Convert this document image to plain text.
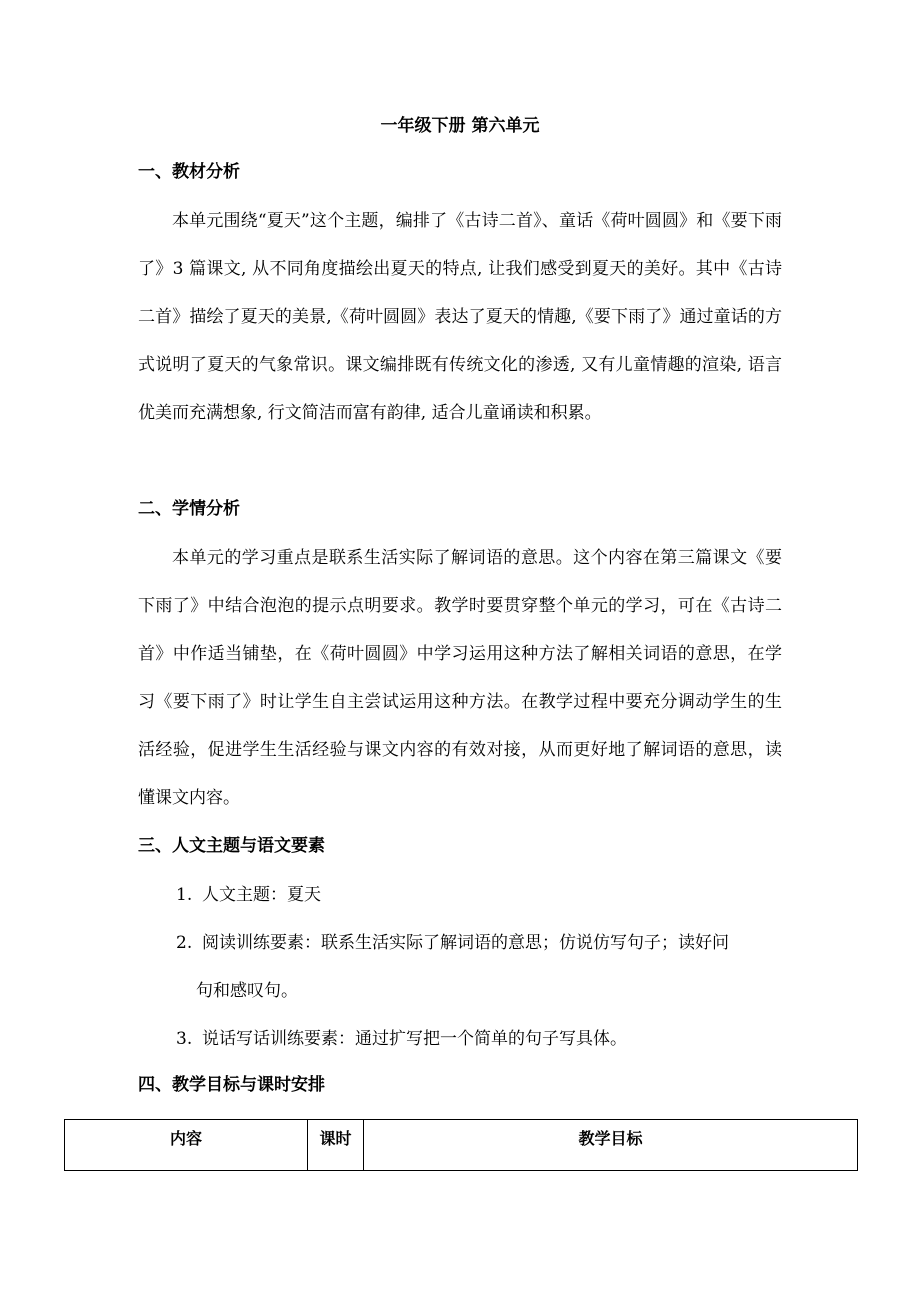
一年级下册 第六单元
一、教材分析

本单元围绕“夏天”这个主题，编排了《古诗二首》、童话《荷叶圆圆》和《要下雨了》3 篇课文, 从不同角度描绘出夏天的特点, 让我们感受到夏天的美好。其中《古诗二首》描绘了夏天的美景,《荷叶圆圆》表达了夏天的情趣,《要下雨了》通过童话的方式说明了夏天的气象常识。课文编排既有传统文化的渗透, 又有儿童情趣的渲染, 语言优美而充满想象, 行文简洁而富有韵律, 适合儿童诵读和积累。

二、学情分析

本单元的学习重点是联系生活实际了解词语的意思。这个内容在第三篇课文《要下雨了》中结合泡泡的提示点明要求。教学时要贯穿整个单元的学习，可在《古诗二首》中作适当铺垫，在《荷叶圆圆》中学习运用这种方法了解相关词语的意思，在学习《要下雨了》时让学生自主尝试运用这种方法。在教学过程中要充分调动学生的生活经验，促进学生生活经验与课文内容的有效对接，从而更好地了解词语的意思，读懂课文内容。

三、人文主题与语文要素

1. 人文主题：夏天

2. 阅读训练要素：联系生活实际了解词语的意思；仿说仿写句子；读好问

句和感叹句。

3. 说话写话训练要素：通过扩写把一个简单的句子写具体。

四、教学目标与课时安排
内容	课时	教学目标
